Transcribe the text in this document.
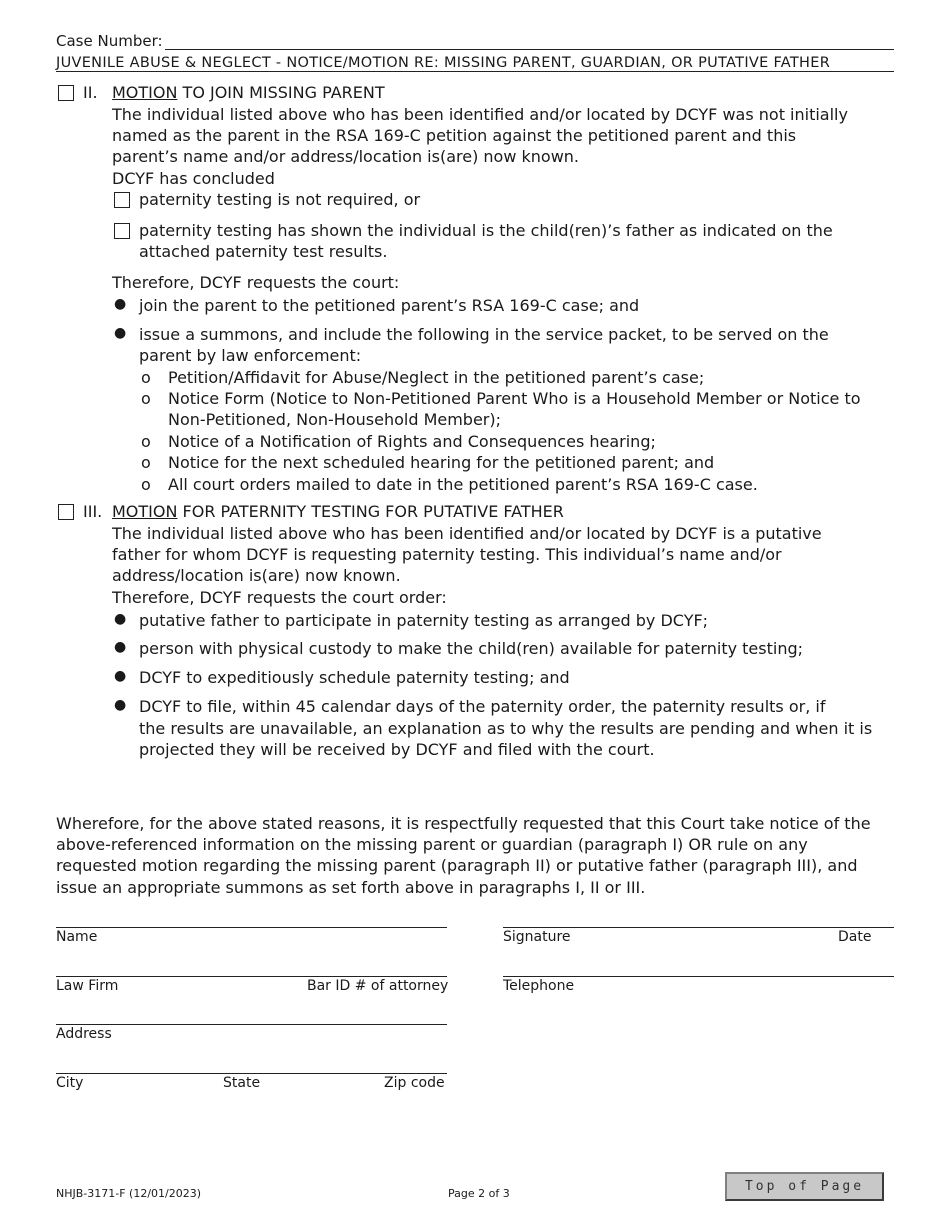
Case Number:
JUVENILE ABUSE & NEGLECT - NOTICE/MOTION RE: MISSING PARENT, GUARDIAN, OR PUTATIVE FATHER
II. MOTION TO JOIN MISSING PARENT
The individual listed above who has been identified and/or located by DCYF was not initially
named as the parent in the RSA 169-C petition against the petitioned parent and this
parent’s name and/or address/location is(are) now known.
DCYF has concluded
paternity testing is not required, or
paternity testing has shown the individual is the child(ren)’s father as indicated on the
attached paternity test results.
Therefore, DCYF requests the court:
● join the parent to the petitioned parent’s RSA 169-C case; and
● issue a summons, and include the following in the service packet, to be served on the
parent by law enforcement:
o Petition/Affidavit for Abuse/Neglect in the petitioned parent’s case;
o Notice Form (Notice to Non-Petitioned Parent Who is a Household Member or Notice to
Non-Petitioned, Non-Household Member);
o Notice of a Notification of Rights and Consequences hearing;
o Notice for the next scheduled hearing for the petitioned parent; and
o All court orders mailed to date in the petitioned parent’s RSA 169-C case.
III. MOTION FOR PATERNITY TESTING FOR PUTATIVE FATHER
The individual listed above who has been identified and/or located by DCYF is a putative
father for whom DCYF is requesting paternity testing. This individual’s name and/or
address/location is(are) now known.
Therefore, DCYF requests the court order:
● putative father to participate in paternity testing as arranged by DCYF;
● person with physical custody to make the child(ren) available for paternity testing;
● DCYF to expeditiously schedule paternity testing; and
● DCYF to file, within 45 calendar days of the paternity order, the paternity results or, if
the results are unavailable, an explanation as to why the results are pending and when it is
projected they will be received by DCYF and filed with the court.
Wherefore, for the above stated reasons, it is respectfully requested that this Court take notice of the
above-referenced information on the missing parent or guardian (paragraph I) OR rule on any
requested motion regarding the missing parent (paragraph II) or putative father (paragraph III), and
issue an appropriate summons as set forth above in paragraphs I, II or III.
Name
Law Firm	Bar ID # of attorney
Address
City	State	Zip code
Signature	Date
Telephone
NHJB-3171-F (12/01/2023)	Page 2 of 3	Top of Page
